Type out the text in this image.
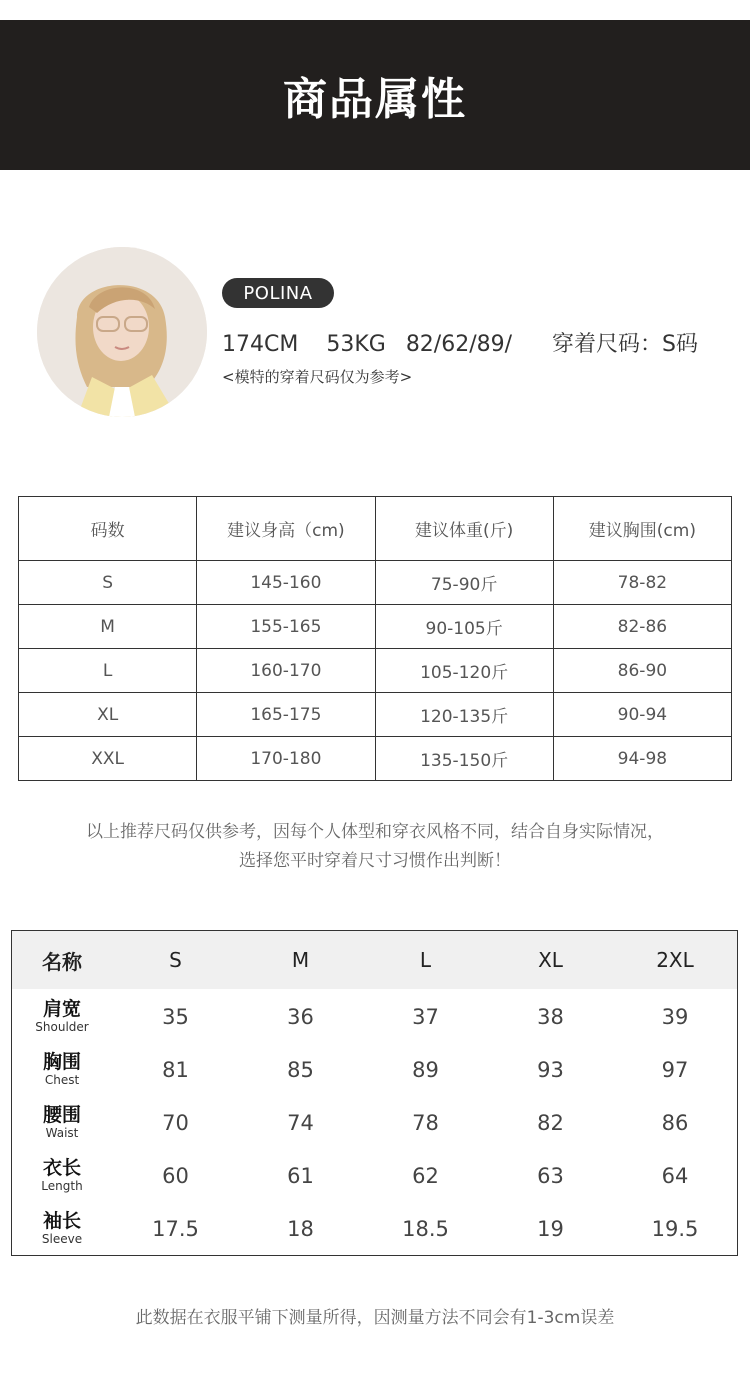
商品属性
POLINA
174CM 53KG 82/62/89/ 穿着尺码：S码
<模特的穿着尺码仅为参考>
码数	建议身高（cm)	建议体重(斤)	建议胸围(cm)
S	145-160	75-90斤	78-82
M	155-165	90-105斤	82-86
L	160-170	105-120斤	86-90
XL	165-175	120-135斤	90-94
XXL	170-180	135-150斤	94-98
以上推荐尺码仅供参考，因每个人体型和穿衣风格不同，结合自身实际情况，
选择您平时穿着尺寸习惯作出判断！
名称	S	M	L	XL	2XL
肩宽
Shoulder	35	36	37	38	39
胸围
Chest	81	85	89	93	97
腰围
Waist	70	74	78	82	86
衣长
Length	60	61	62	63	64
袖长
Sleeve	17.5	18	18.5	19	19.5
此数据在衣服平铺下测量所得，因测量方法不同会有1-3cm误差
